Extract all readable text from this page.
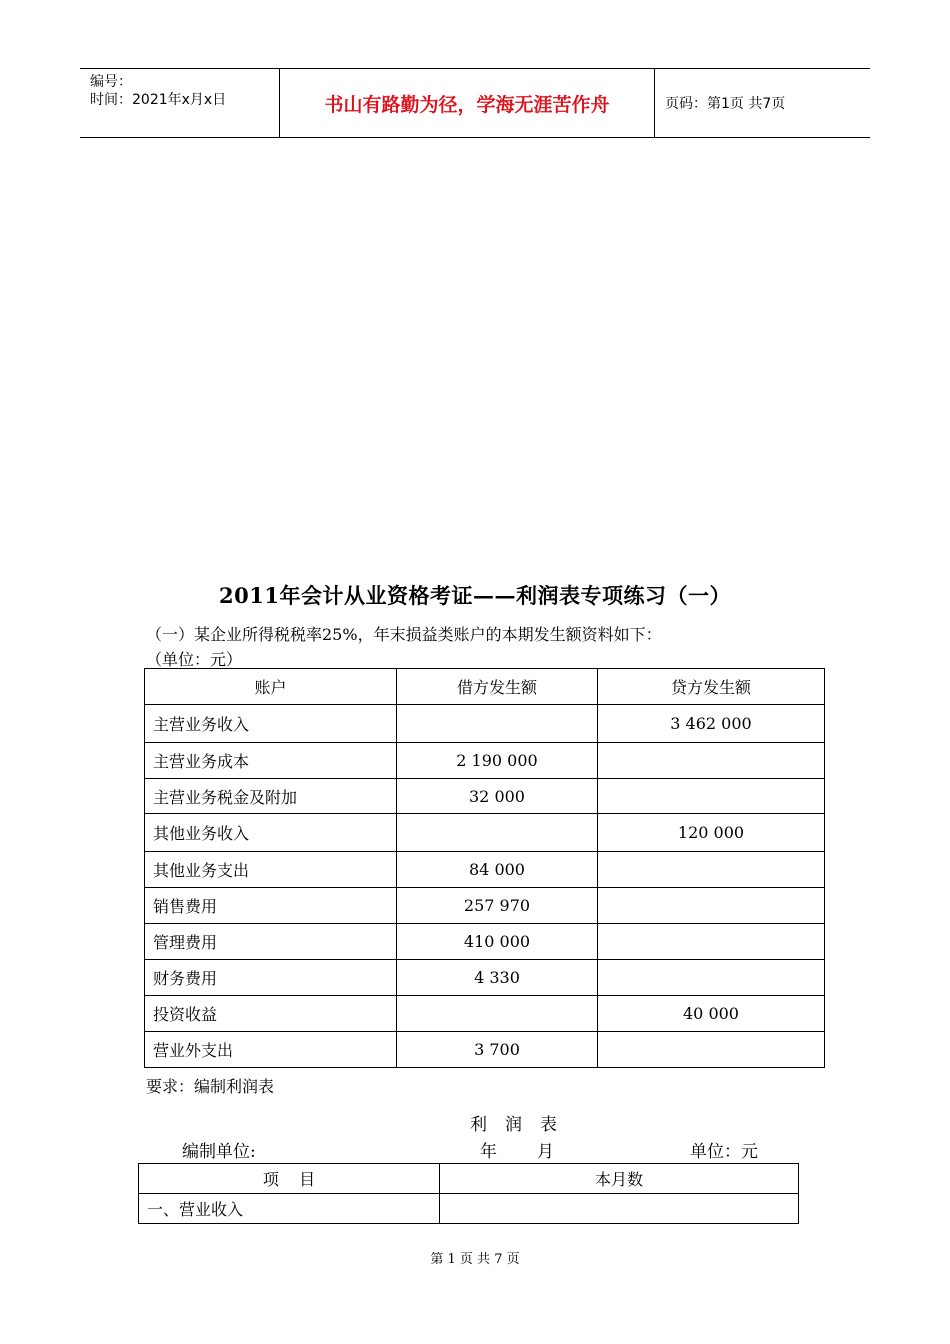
编号：
时间：2021年x月x日	书山有路勤为径，学海无涯苦作舟	页码：第1页 共7页
2011年会计从业资格考证——利润表专项练习（一）
（一）某企业所得税税率25%，年末损益类账户的本期发生额资料如下：
（单位：元）
账户	借方发生额	贷方发生额
主营业务收入		3 462 000
主营业务成本	2 190 000	
主营业务税金及附加	32 000	
其他业务收入		120 000
其他业务支出	84 000	
销售费用	257 970	
管理费用	410 000	
财务费用	4 330	
投资收益		40 000
营业外支出	3 700	
要求：编制利润表
利润表
编制单位:	年 月	单位：元
项    目	本月数
一、营业收入	
第 1 页 共 7 页
